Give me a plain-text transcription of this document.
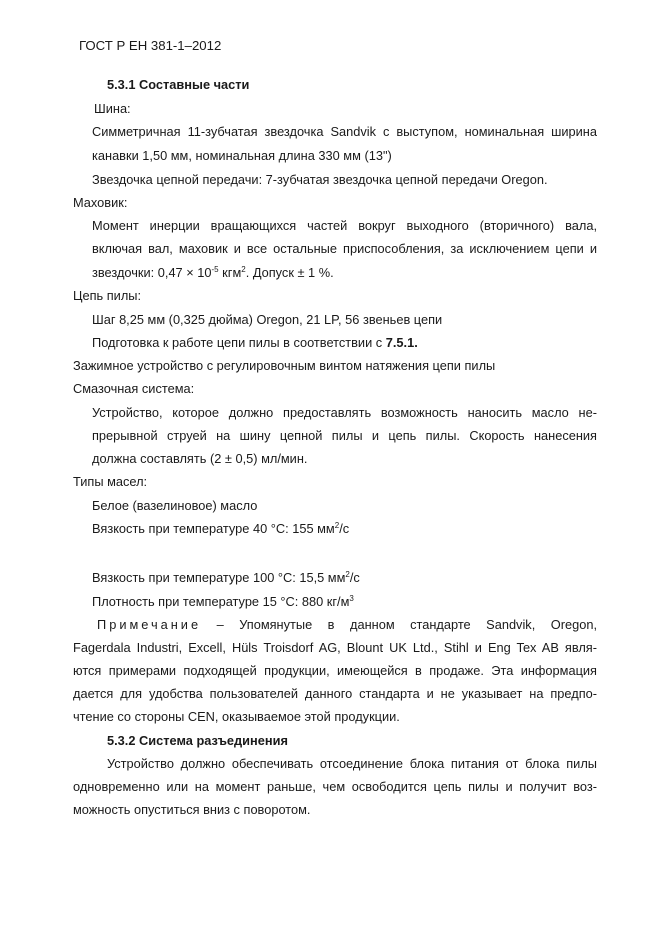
ГОСТ Р ЕН 381-1–2012
5.3.1 Составные части
Шина:
Симметричная 11-зубчатая звездочка Sandvik с выступом, номинальная ширина
канавки 1,50 мм, номинальная длина 330 мм (13")
Звездочка цепной передачи: 7-зубчатая звездочка цепной передачи Oregon.
Маховик:
Момент инерции вращающихся частей вокруг выходного (вторичного) вала,
включая вал, маховик и все остальные приспособления, за исключением цепи и
звездочки: $0,47 \times 10^{-5}$ кгм$^2$. Допуск ± 1 %.
Цепь пилы:
Шаг 8,25 мм (0,325 дюйма) Oregon, 21 LP, 56 звеньев цепи
Подготовка к работе цепи пилы в соответствии с 7.5.1.
Зажимное устройство с регулировочным винтом натяжения цепи пилы
Смазочная система:
Устройство, которое должно предоставлять возможность наносить масло не-
прерывной струей на шину цепной пилы и цепь пилы. Скорость нанесения
должна составлять (2 ± 0,5) мл/мин.
Типы масел:
Белое (вазелиновое) масло
Вязкость при температуре 40 °С: 155 $мм^2/с$
Вязкость при температуре 100 °С: 15,5 $мм^2/с$
Плотность при температуре 15 °С: 880 $кг/м^3$
Примечание – Упомянутые в данном стандарте Sandvik, Oregon,
Fagerdala Industri, Excell, Hüls Troisdorf AG, Blount UK Ltd., Stihl и Eng Tex AB явля-
ются примерами подходящей продукции, имеющейся в продаже. Эта информация
дается для удобства пользователей данного стандарта и не указывает на предпо-
чтение со стороны CEN, оказываемое этой продукции.
5.3.2 Система разъединения
Устройство должно обеспечивать отсоединение блока питания от блока пилы
одновременно или на момент раньше, чем освободится цепь пилы и получит воз-
можность опуститься вниз с поворотом.
